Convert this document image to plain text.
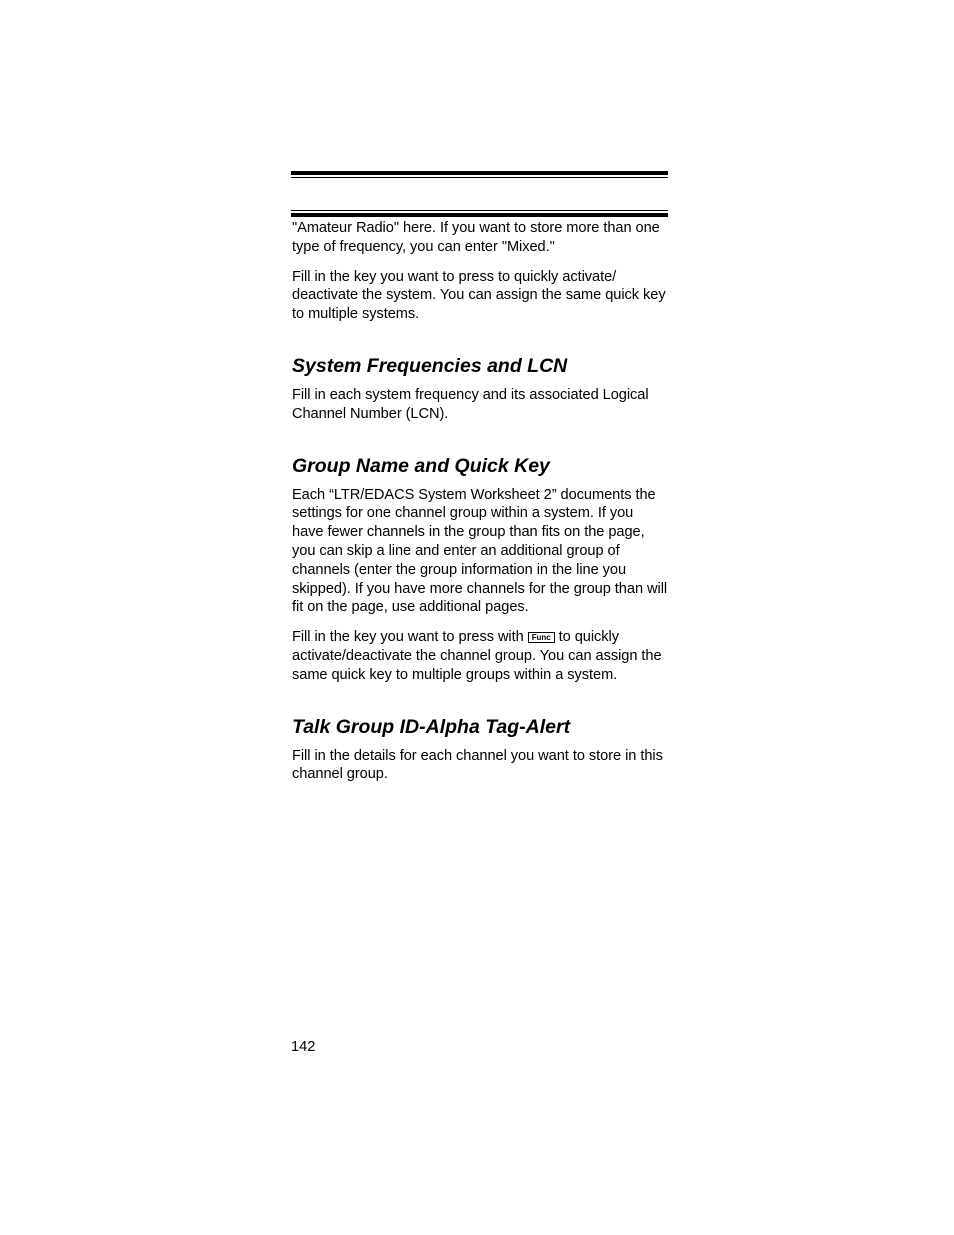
"Amateur Radio" here. If you want to store more than one type of frequency, you can enter "Mixed."

Fill in the key you want to press to quickly activate/ deactivate the system. You can assign the same quick key to multiple systems.

System Frequencies and LCN

Fill in each system frequency and its associated Logical Channel Number (LCN).

Group Name and Quick Key

Each “LTR/EDACS System Worksheet 2” documents the settings for one channel group within a system. If you have fewer channels in the group than fits on the page, you can skip a line and enter an additional group of channels (enter the group information in the line you skipped). If you have more channels for the group than will fit on the page, use additional pages.

Fill in the key you want to press with Func to quickly activate/deactivate the channel group. You can assign the same quick key to multiple groups within a system.

Talk Group ID-Alpha Tag-Alert

Fill in the details for each channel you want to store in this channel group.

142
